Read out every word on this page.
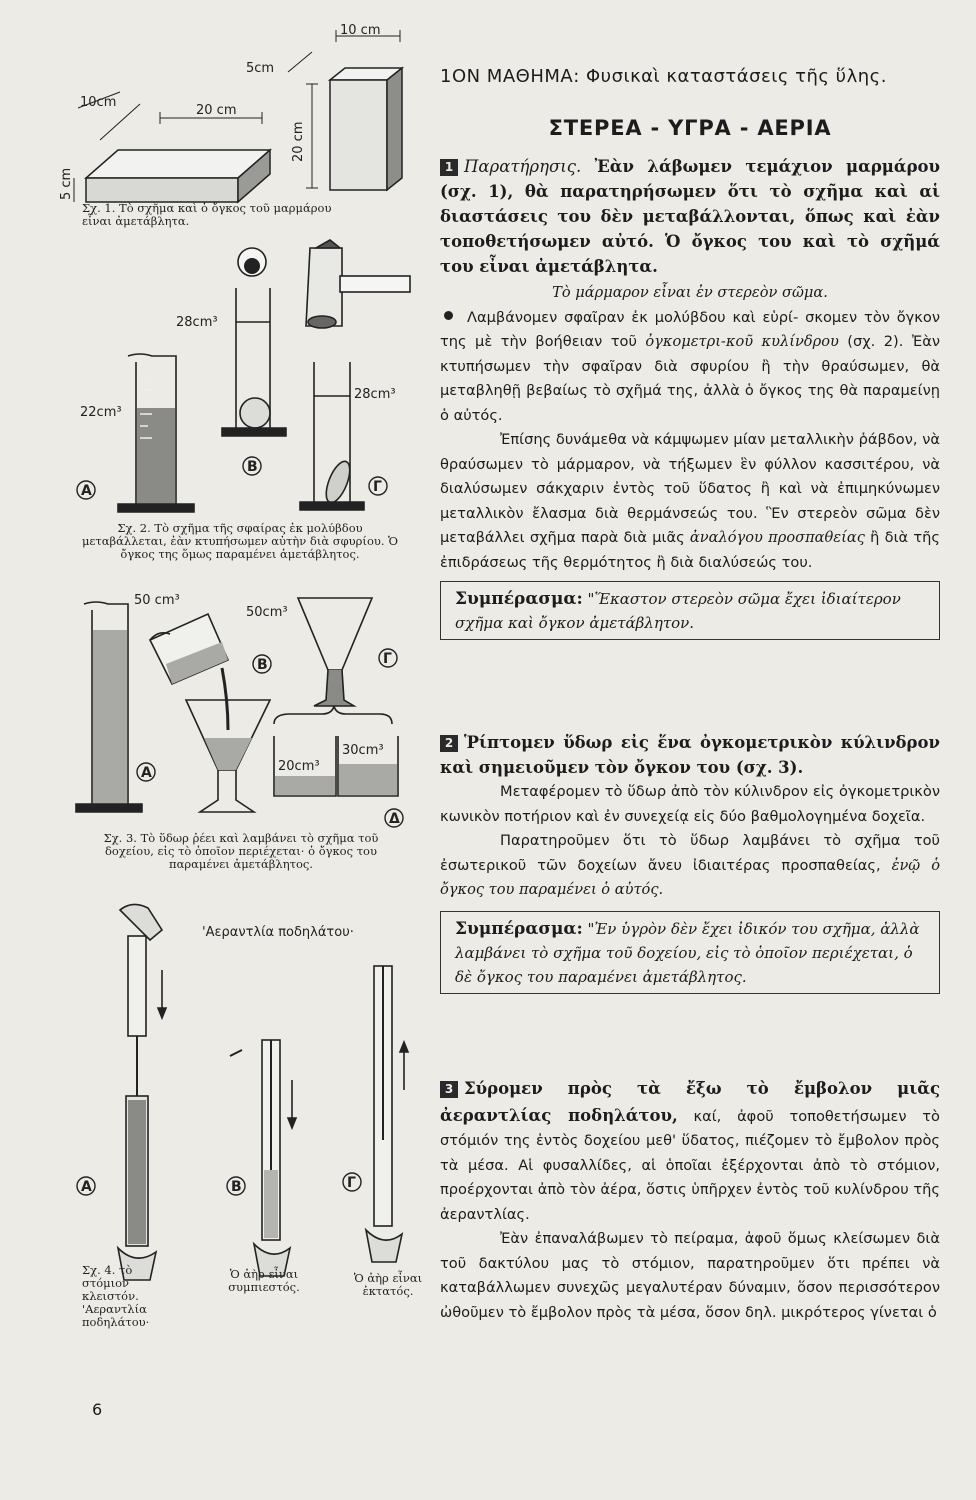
10 cm
10cm
5cm
20 cm
20 cm
5 cm
28cm³
22cm³
28cm³
A
B
Γ
50 cm³
50cm³
20cm³
30cm³
A
B	Γ
Δ
'Αεραντλία ποδηλάτου·
A	B	Γ
Σχ. 1. Τὸ σχῆμα καὶ ὁ ὄγκος τοῦ μαρμάρου εἶναι ἀμετάβλητα.
Σχ. 2. Τὸ σχῆμα τῆς σφαίρας ἐκ μολύβδου μεταβάλλεται, ἐὰν κτυπήσωμεν αὐτὴν διὰ σφυρίου. Ὁ ὄγκος της ὅμως παραμένει ἀμετάβλητος.
Σχ. 3. Τὸ ὕδωρ ῥέει καὶ λαμβάνει τὸ σχῆμα τοῦ δοχείου, εἰς τὸ ὁποῖον περιέχεται· ὁ ὄγκος του παραμένει ἀμετάβλητος.
Σχ. 4. τὸ στόμιον κλειστόν. 'Αεραντλία ποδηλάτου·
Ὁ ἀὴρ εἶναι συμπιεστός.
Ὁ ἀὴρ εἶναι ἐκτατός.
1ΟΝ ΜΑΘΗΜΑ: Φυσικαὶ καταστάσεις τῆς ὕλης.
ΣΤΕΡΕΑ - ΥΓΡΑ - ΑΕΡΙΑ
1 Παρατήρησις. Ἐὰν λάβωμεν τεμάχιον μαρμάρου (σχ. 1), θὰ παρατηρήσωμεν ὅτι τὸ σχῆμα καὶ αἱ διαστάσεις του δὲν μεταβάλλονται, ὅπως καὶ ἐὰν τοποθετήσωμεν αὐτό. Ὁ ὄγκος του καὶ τὸ σχῆμά του εἶναι ἀμετάβλητα.
Τὸ μάρμαρον εἶναι ἐν στερεὸν σῶμα.
Λαμβάνομεν σφαῖραν ἐκ μολύβδου καὶ εὑρί- σκομεν τὸν ὄγκον της μὲ τὴν βοήθειαν τοῦ ὀγκομετρι-κοῦ κυλίνδρου (σχ. 2). Ἐὰν κτυπήσωμεν τὴν σφαῖραν διὰ σφυρίου ἢ τὴν θραύσωμεν, θὰ μεταβληθῇ βεβαίως τὸ σχῆμά της, ἀλλὰ ὁ ὄγκος της θὰ παραμείνῃ ὁ αὐτός.
Ἐπίσης δυνάμεθα νὰ κάμψωμεν μίαν μεταλλικὴν ῥάβδον, νὰ θραύσωμεν τὸ μάρμαρον, νὰ τήξωμεν ἓν φύλλον κασσιτέρου, νὰ διαλύσωμεν σάκχαριν ἐντὸς τοῦ ὕδατος ἢ καὶ νὰ ἐπιμηκύνωμεν μεταλλικὸν ἔλασμα διὰ θερμάνσεώς του. Ἓν στερεὸν σῶμα δὲν μεταβάλλει σχῆμα παρὰ διὰ μιᾶς ἀναλόγου προσπαθείας ἢ διὰ τῆς ἐπιδράσεως τῆς θερμότητος ἢ διὰ διαλύσεώς του.
Συμπέρασμα: "Ἕκαστον στερεὸν σῶμα ἔχει ἰδιαίτερον σχῆμα καὶ ὄγκον ἀμετάβλητον.
2 Ῥίπτομεν ὕδωρ εἰς ἕνα ὀγκομετρικὸν κύλινδρον καὶ σημειοῦμεν τὸν ὄγκον του (σχ. 3).
Μεταφέρομεν τὸ ὕδωρ ἀπὸ τὸν κύλινδρον εἰς ὀγκομετρικὸν κωνικὸν ποτήριον καὶ ἐν συνεχείᾳ εἰς δύο βαθμολογημένα δοχεῖα.
Παρατηροῦμεν ὅτι τὸ ὕδωρ λαμβάνει τὸ σχῆμα τοῦ ἐσωτερικοῦ τῶν δοχείων ἄνευ ἰδιαιτέρας προσπαθείας, ἐνῷ ὁ ὄγκος του παραμένει ὁ αὐτός.
Συμπέρασμα: "Ἐν ὑγρὸν δὲν ἔχει ἰδικόν του σχῆμα, ἀλλὰ λαμβάνει τὸ σχῆμα τοῦ δοχείου, εἰς τὸ ὁποῖον περιέχεται, ὁ δὲ ὄγκος του παραμένει ἀμετάβλητος.
3 Σύρομεν πρὸς τὰ ἔξω τὸ ἔμβολον μιᾶς ἀεραντλίας ποδηλάτου, καί, ἀφοῦ τοποθετήσωμεν τὸ στόμιόν της ἐντὸς δοχείου μεθ' ὕδατος, πιέζομεν τὸ ἔμβολον πρὸς τὰ μέσα. Αἱ φυσαλλίδες, αἱ ὁποῖαι ἐξέρχονται ἀπὸ τὸ στόμιον, προέρχονται ἀπὸ τὸν ἀέρα, ὅστις ὑπῆρχεν ἐντὸς τοῦ κυλίνδρου τῆς ἀεραντλίας.
Ἐὰν ἐπαναλάβωμεν τὸ πείραμα, ἀφοῦ ὅμως κλείσωμεν διὰ τοῦ δακτύλου μας τὸ στόμιον, παρατηροῦμεν ὅτι πρέπει νὰ καταβάλλωμεν συνεχῶς μεγαλυτέραν δύναμιν, ὅσον περισσότερον ὠθοῦμεν τὸ ἔμβολον πρὸς τὰ μέσα, ὅσον δηλ. μικρότερος γίνεται ὁ
6
